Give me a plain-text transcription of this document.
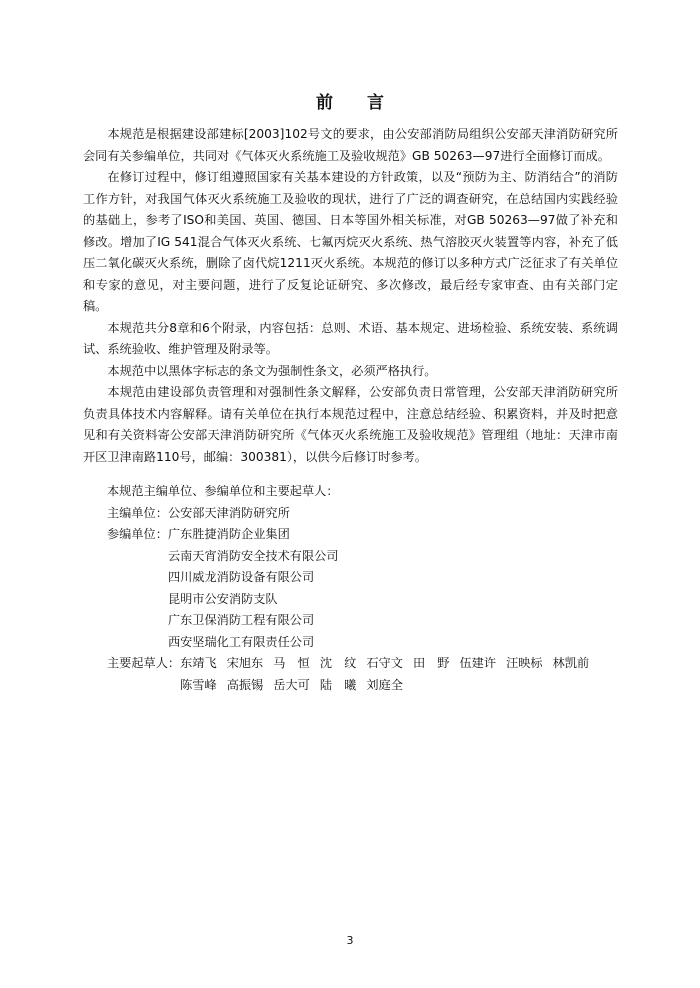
前 言

本规范是根据建设部建标[2003]102号文的要求，由公安部消防局组织公安部天津消防研究所会同有关参编单位，共同对《气体灭火系统施工及验收规范》GB 50263—97进行全面修订而成。

在修订过程中，修订组遵照国家有关基本建设的方针政策，以及“预防为主、防消结合”的消防工作方针，对我国气体灭火系统施工及验收的现状，进行了广泛的调查研究，在总结国内实践经验的基础上，参考了ISO和美国、英国、德国、日本等国外相关标准，对GB 50263—97做了补充和修改。增加了IG 541混合气体灭火系统、七氟丙烷灭火系统、热气溶胶灭火装置等内容，补充了低压二氧化碳灭火系统，删除了卤代烷1211灭火系统。本规范的修订以多种方式广泛征求了有关单位和专家的意见，对主要问题，进行了反复论证研究、多次修改，最后经专家审查、由有关部门定稿。

本规范共分8章和6个附录，内容包括：总则、术语、基本规定、进场检验、系统安装、系统调试、系统验收、维护管理及附录等。

本规范中以黑体字标志的条文为强制性条文，必须严格执行。

本规范由建设部负责管理和对强制性条文解释，公安部负责日常管理，公安部天津消防研究所负责具体技术内容解释。请有关单位在执行本规范过程中，注意总结经验、积累资料，并及时把意见和有关资料寄公安部天津消防研究所《气体灭火系统施工及验收规范》管理组（地址：天津市南开区卫津南路110号，邮编：300381），以供今后修订时参考。

本规范主编单位、参编单位和主要起草人：
主编单位： 公安部天津消防研究所
参编单位： 广东胜捷消防企业集团
云南天宵消防安全技术有限公司
四川威龙消防设备有限公司
昆明市公安消防支队
广东卫保消防工程有限公司
西安坚瑞化工有限责任公司
主要起草人： 东靖飞 宋旭东 马　恒 沈　纹 石守文 田　野 伍建许 汪映标 林凯前
陈雪峰 高振锡 岳大可 陆　曦 刘庭全
3
